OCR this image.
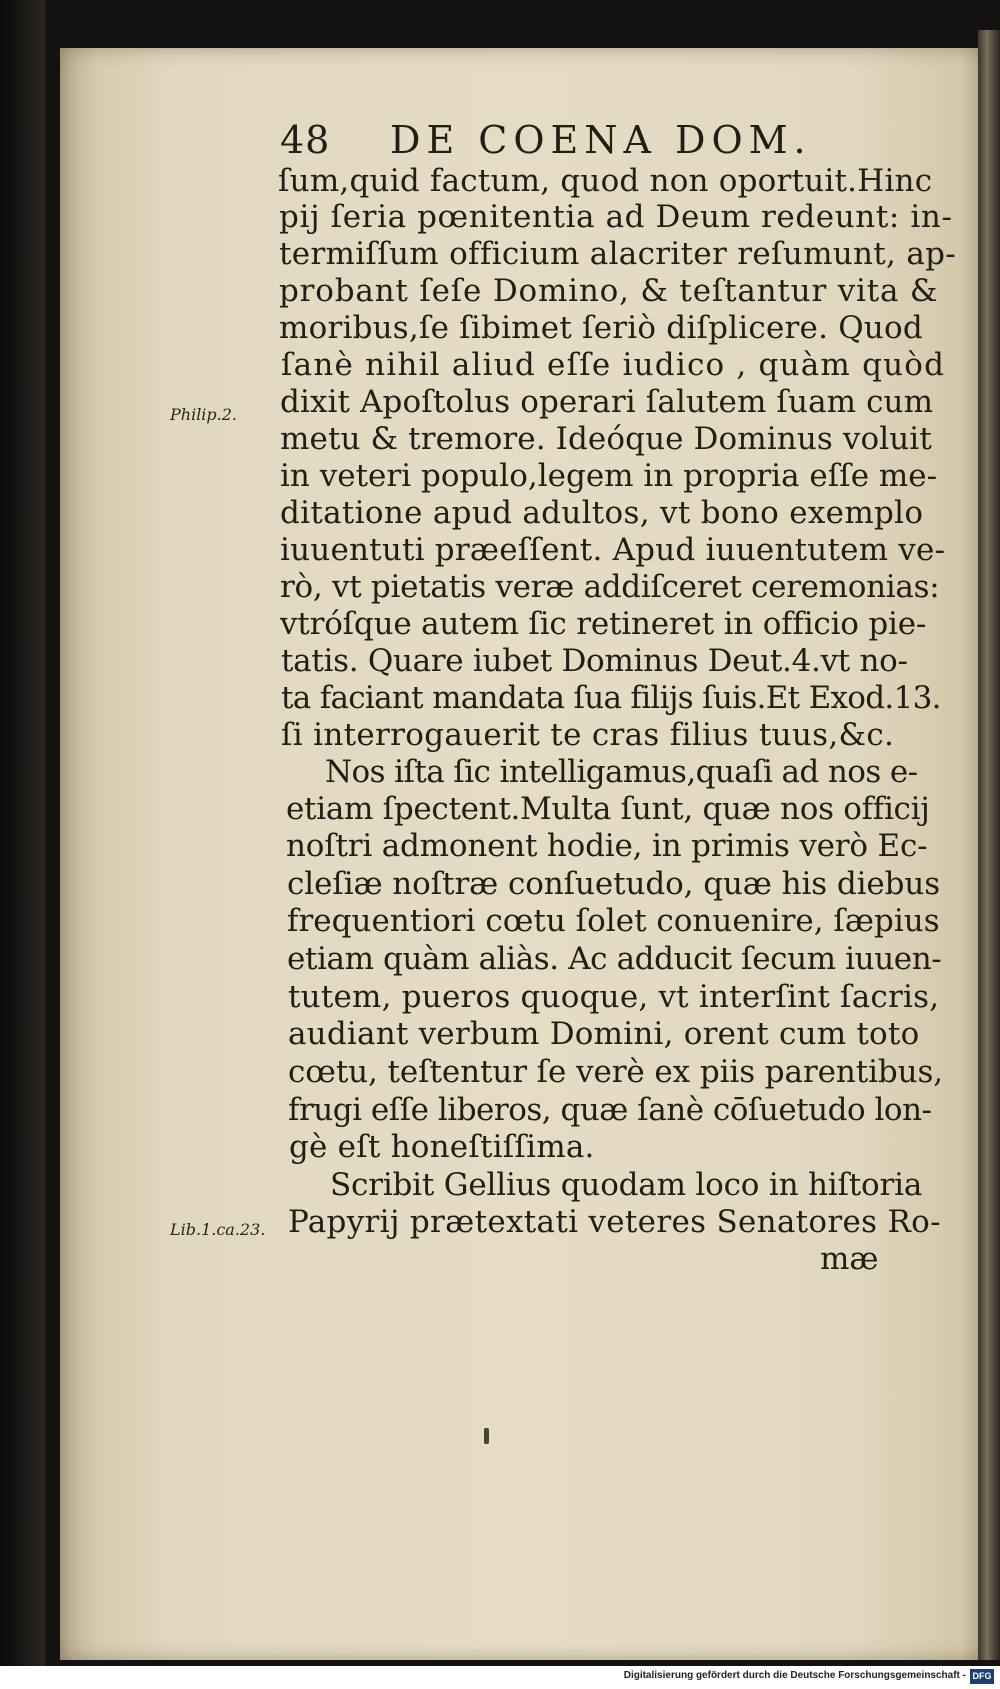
48 DE COENA DOM.
ſum,quid factum, quod non oportuit.Hinc
pij ſeria pœnitentia ad Deum redeunt: in-
termiſſum officium alacriter reſumunt, ap-
probant ſeſe Domino, & teſtantur vita &
moribus,ſe ſibimet ſeriò diſplicere. Quod
ſanè nihil aliud eſſe iudico , quàm quòd
dixit Apoſtolus operari ſalutem ſuam cum
metu & tremore. Ideóque Dominus voluit
in veteri populo,legem in propria eſſe me-
ditatione apud adultos, vt bono exemplo
iuuentuti præeſſent. Apud iuuentutem ve-
rò, vt pietatis veræ addiſceret ceremonias:
vtróſque autem ſic retineret in officio pie-
tatis. Quare iubet Dominus Deut.4.vt no-
ta faciant mandata ſua filijs ſuis.Et Exod.13.
ſi interrogauerit te cras filius tuus,&c.
Nos iſta ſic intelligamus,quaſi ad nos e-
etiam ſpectent.Multa ſunt, quæ nos officij
noſtri admonent hodie, in primis verò Ec-
cleſiæ noſtræ conſuetudo, quæ his diebus
frequentiori cœtu ſolet conuenire, ſæpius
etiam quàm aliàs. Ac adducit ſecum iuuen-
tutem, pueros quoque, vt interſint ſacris,
audiant verbum Domini, orent cum toto
cœtu, teſtentur ſe verè ex piis parentibus,
frugi eſſe liberos, quæ ſanè cōſuetudo lon-
gè eſt honeſtiſſima.
Scribit Gellius quodam loco in hiſtoria
Papyrij prætextati veteres Senatores Ro-
mæ
Philip.2.
Lib.1.ca.23.
Digitalisierung gefördert durch die Deutsche Forschungsgemeinschaft - DFG
